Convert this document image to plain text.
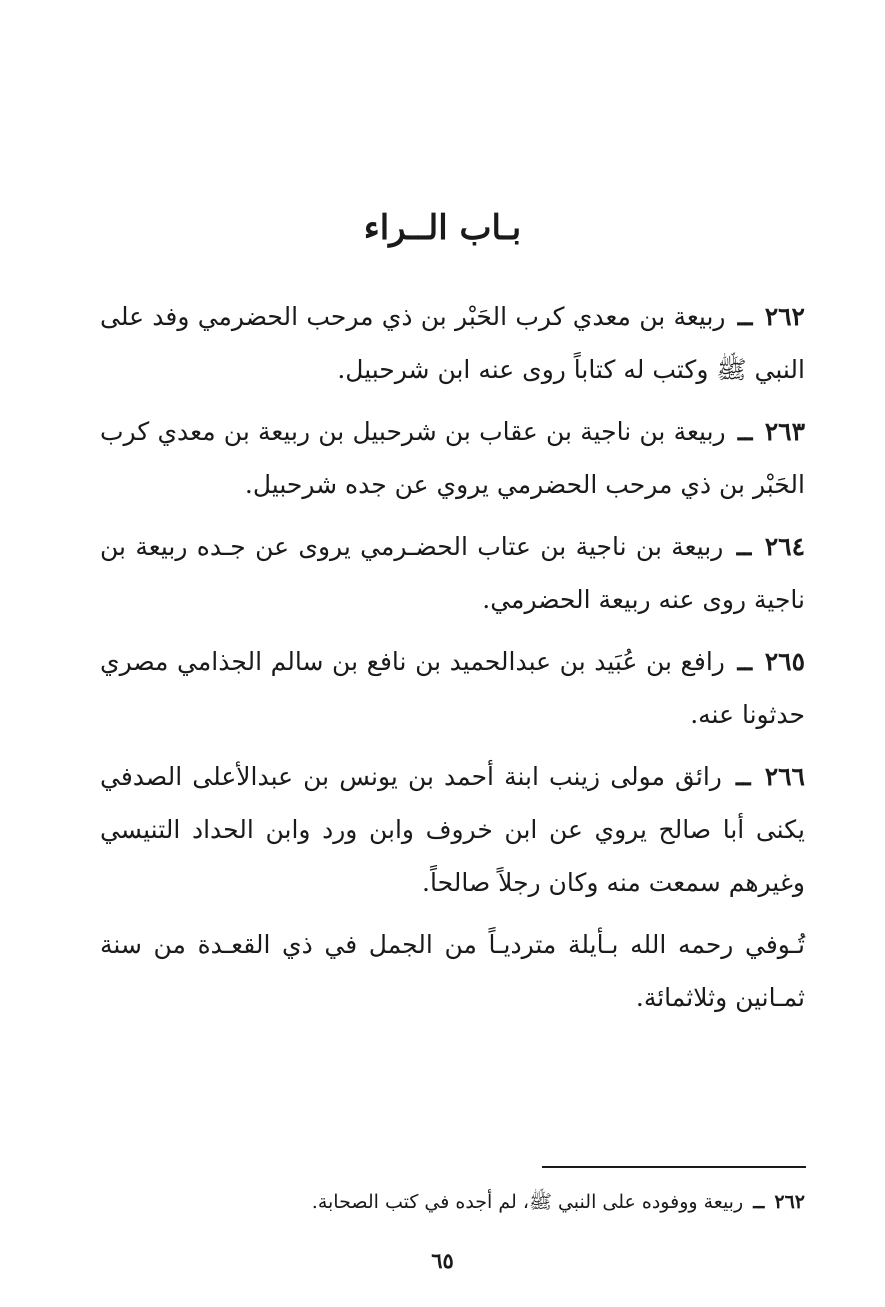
بـاب الــراء

٢٦٢ ــ ربيعة بن معدي كرب الحَبْر بن ذي مرحب الحضرمي وفد على النبي ﷺ وكتب له كتاباً روى عنه ابن شرحبيل.

٢٦٣ ــ ربيعة بن ناجية بن عقاب بن شرحبيل بن ربيعة بن معدي كرب الحَبْر بن ذي مرحب الحضرمي يروي عن جده شرحبيل.

٢٦٤ ــ ربيعة بن ناجية بن عتاب الحضـرمي يروى عن جـده ربيعة بن ناجية روى عنه ربيعة الحضرمي.

٢٦٥ ــ رافع بن عُبَيد بن عبدالحميد بن نافع بن سالم الجذامي مصري حدثونا عنه.

٢٦٦ ــ رائق مولى زينب ابنة أحمد بن يونس بن عبدالأعلى الصدفي يكنى أبا صالح يروي عن ابن خروف وابن ورد وابن الحداد التنيسي وغيرهم سمعت منه وكان رجلاً صالحاً.

تُـوفي رحمه الله بـأيلة مترديـاً من الجمل في ذي القعـدة من سنة ثمـانين وثلاثمائة.

٢٦٢ ــ ربيعة ووفوده على النبي ﷺ، لم أجده في كتب الصحابة.
٦٥
